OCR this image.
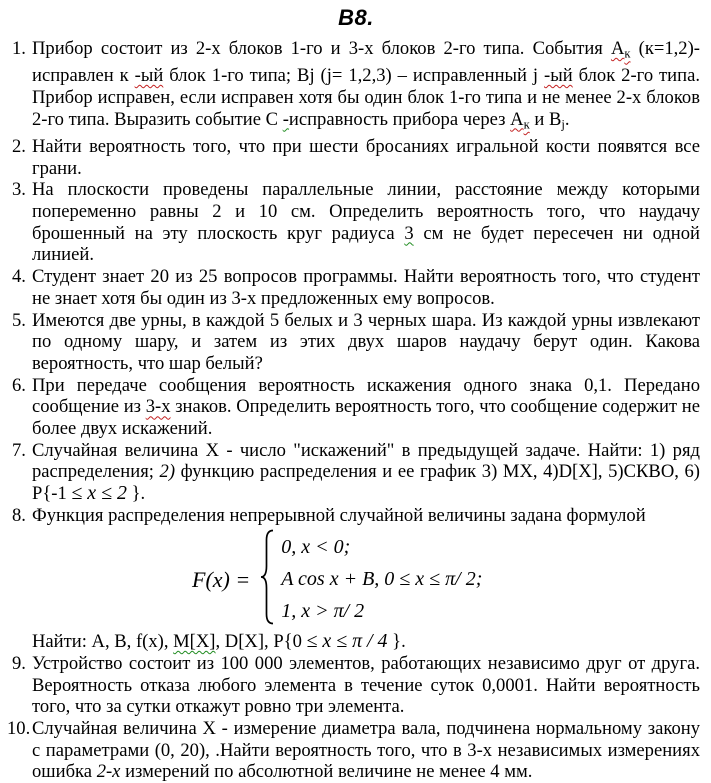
В8.
1. Прибор состоит из 2-х блоков 1-го и 3-х блоков 2-го типа. События $А_к$ (к=1,2)-исправлен к -ый блок 1-го типа; Bj (j= 1,2,3) – исправленный j -ый блок 2-го типа. Прибор исправен, если исправен хотя бы один блок 1-го типа и не менее 2-х блоков 2-го типа. Выразить событие С -исправность прибора через $А_к$ и $В_j$.
2. Найти вероятность того, что при шести бросаниях игральной кости появятся все грани.
3. На плоскости проведены параллельные линии, расстояние между которыми попеременно равны 2 и 10 см. Определить вероятность того, что наудачу брошенный на эту плоскость круг радиуса 3 см не будет пересечен ни одной линией.
4. Студент знает 20 из 25 вопросов программы. Найти вероятность того, что студент не знает хотя бы один из 3-х предложенных ему вопросов.
5. Имеются две урны, в каждой 5 белых и 3 черных шара. Из каждой урны извлекают по одному шару, и затем из этих двух шаров наудачу берут один. Какова вероятность, что шар белый?
6. При передаче сообщения вероятность искажения одного знака 0,1. Передано сообщение из 3-х знаков. Определить вероятность того, что сообщение содержит не более двух искажений.
7. Случайная величина X - число "искажений" в предыдущей задаче. Найти: 1) ряд распределения; 2) функцию распределения и ее график 3) MX, 4)D[X], 5)СКВО, 6) P{-1 ≤ x ≤ 2 }.
8. Функция распределения непрерывной случайной величины задана формулой
F(x) =
0, x < 0;
A cos x + B, 0 ≤ x ≤ π/ 2;
1, x > π/ 2
Найти: А, В, f(x), M[X], D[X], P{0 ≤ x ≤ π / 4 }.
9. Устройство состоит из 100 000 элементов, работающих независимо друг от друга. Вероятность отказа любого элемента в течение суток 0,0001. Найти вероятность того, что за сутки откажут ровно три элемента.
10. Случайная величина X - измерение диаметра вала, подчинена нормальному закону с параметрами (0, 20), .Найти вероятность того, что в 3-х независимых измерениях ошибка 2-х измерений по абсолютной величине не менее 4 мм.
